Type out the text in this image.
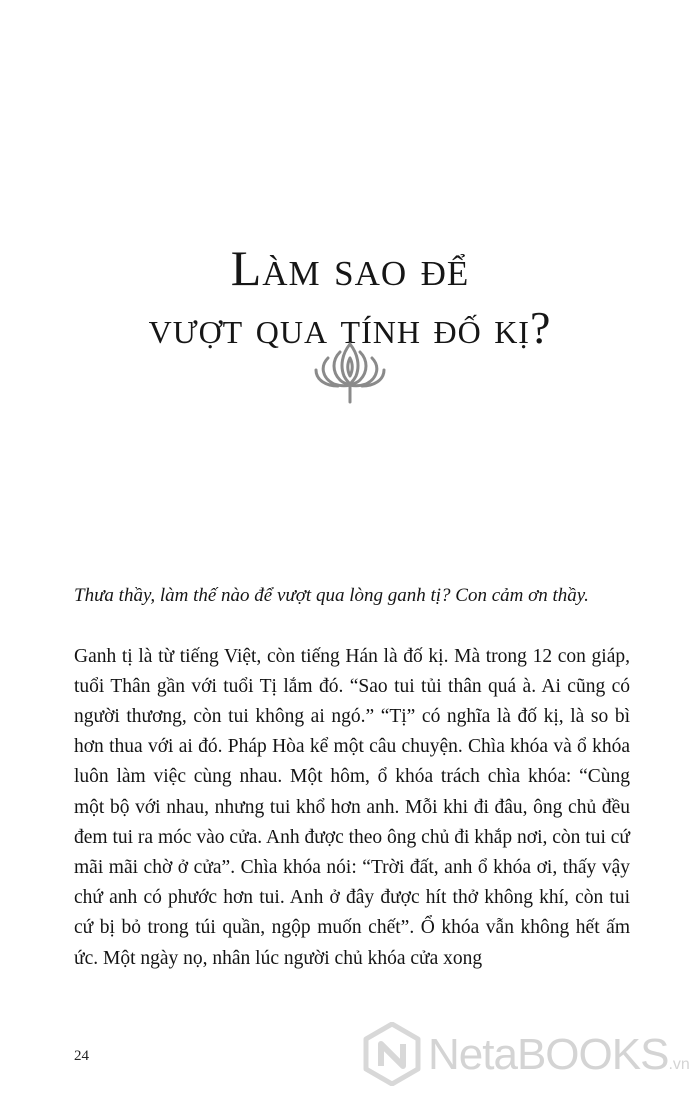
Làm sao để
vượt qua tính đố kị?

Thưa thầy, làm thế nào để vượt qua lòng ganh tị? Con cảm ơn thầy.

Ganh tị là từ tiếng Việt, còn tiếng Hán là đố kị. Mà trong 12 con giáp, tuổi Thân gần với tuổi Tị lắm đó. “Sao tui tủi thân quá à. Ai cũng có người thương, còn tui không ai ngó.” “Tị” có nghĩa là đố kị, là so bì hơn thua với ai đó. Pháp Hòa kể một câu chuyện. Chìa khóa và ổ khóa luôn làm việc cùng nhau. Một hôm, ổ khóa trách chìa khóa: “Cùng một bộ với nhau, nhưng tui khổ hơn anh. Mỗi khi đi đâu, ông chủ đều đem tui ra móc vào cửa. Anh được theo ông chủ đi khắp nơi, còn tui cứ mãi mãi chờ ở cửa”. Chìa khóa nói: “Trời đất, anh ổ khóa ơi, thấy vậy chứ anh có phước hơn tui. Anh ở đây được hít thở không khí, còn tui cứ bị bỏ trong túi quần, ngộp muốn chết”. Ổ khóa vẫn không hết ấm ức. Một ngày nọ, nhân lúc người chủ khóa cửa xong

24	NetaBOOKS.vn
